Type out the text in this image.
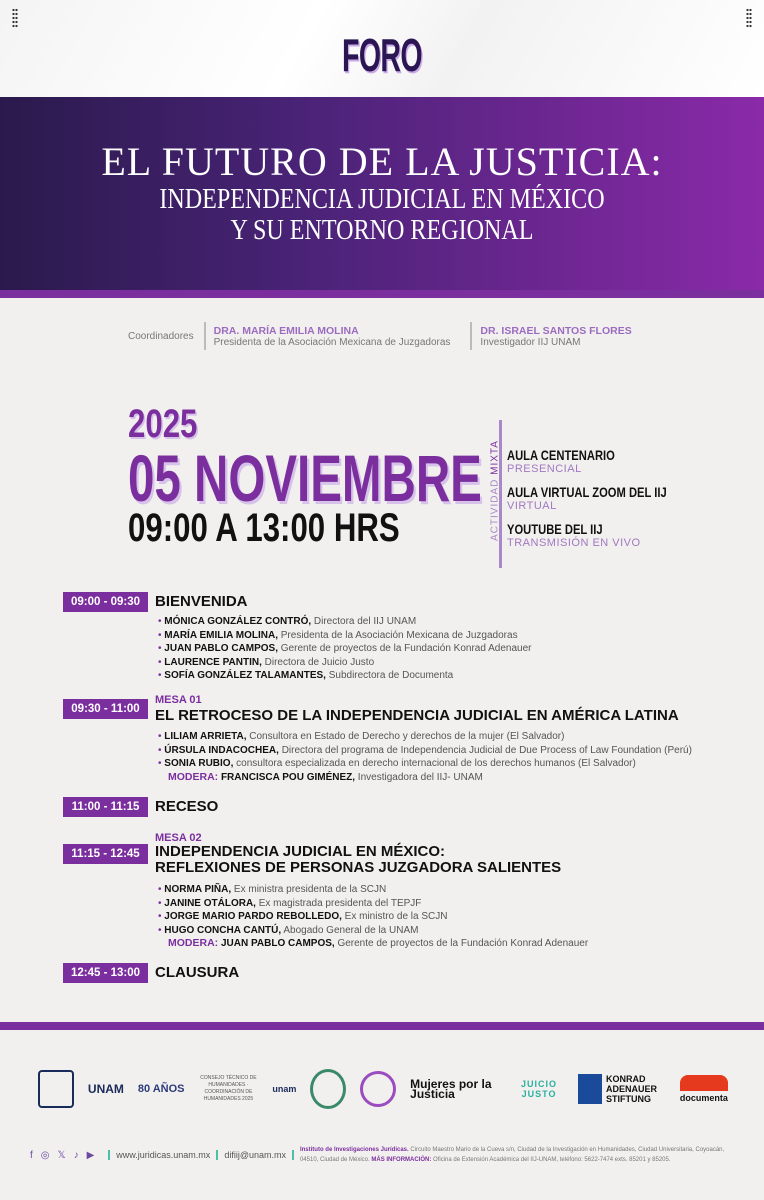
FORO
EL FUTURO DE LA JUSTICIA:
INDEPENDENCIA JUDICIAL EN MÉXICO
Y SU ENTORNO REGIONAL
Coordinadores DRA. MARÍA EMILIA MOLINA
Presidenta de la Asociación Mexicana de Juzgadoras
DR. ISRAEL SANTOS FLORES
Investigador IIJ UNAM
2025
05 NOVIEMBRE
09:00 A 13:00 HRS	ACTIVIDAD MIXTA AULA CENTENARIO
PRESENCIAL
AULA VIRTUAL ZOOM DEL IIJ
VIRTUAL
YOUTUBE DEL IIJ
TRANSMISIÓN EN VIVO
09:00 - 09:30 BIENVENIDA
• MÓNICA GONZÁLEZ CONTRÓ, Directora del IIJ UNAM
• MARÍA EMILIA MOLINA, Presidenta de la Asociación Mexicana de Juzgadoras
• JUAN PABLO CAMPOS, Gerente de proyectos de la Fundación Konrad Adenauer
• LAURENCE PANTIN, Directora de Juicio Justo
• SOFÍA GONZÁLEZ TALAMANTES, Subdirectora de Documenta
09:30 - 11:00
MESA 01
EL RETROCESO DE LA INDEPENDENCIA JUDICIAL EN AMÉRICA LATINA
• LILIAM ARRIETA, Consultora en Estado de Derecho y derechos de la mujer (El Salvador)
• ÚRSULA INDACOCHEA, Directora del programa de Independencia Judicial de Due Process of Law Foundation (Perú)
• SONIA RUBIO, consultora especializada en derecho internacional de los derechos humanos (El Salvador)
MODERA: FRANCISCA POU GIMÉNEZ, Investigadora del IIJ- UNAM
11:00 - 11:15	RECESO
11:15 - 12:45
MESA 02
INDEPENDENCIA JUDICIAL EN MÉXICO:
REFLEXIONES DE PERSONAS JUZGADORA SALIENTES
• NORMA PIÑA, Ex ministra presidenta de la SCJN
• JANINE OTÁLORA, Ex magistrada presidenta del TEPJF
• JORGE MARIO PARDO REBOLLEDO, Ex ministro de la SCJN
• HUGO CONCHA CANTÚ, Abogado General de la UNAM
MODERA: JUAN PABLO CAMPOS, Gerente de proyectos de la Fundación Konrad Adenauer
12:45 - 13:00 CLAUSURA
UNAM 80 AÑOS
CONSEJO TÉCNICO DE HUMANIDADES · COORDINACIÓN DE HUMANIDADES 2025
unam	Mujeres por la Justicia
JUICIO JUSTO
KONRAD ADENAUER STIFTUNG	documenta
f ◎ 𝕏 ♪ ▶ www.juridicas.unam.mx difiij@unam.mx Instituto de Investigaciones Jurídicas. Circuito Maestro Mario de la Cueva s/n, Ciudad de la Investigación en Humanidades, Ciudad Universitaria, Coyoacán, 04510, Ciudad de México. MÁS INFORMACIÓN: Oficina de Extensión Académica del IIJ-UNAM, teléfono: 5622-7474 exts. 85201 y 85205.
